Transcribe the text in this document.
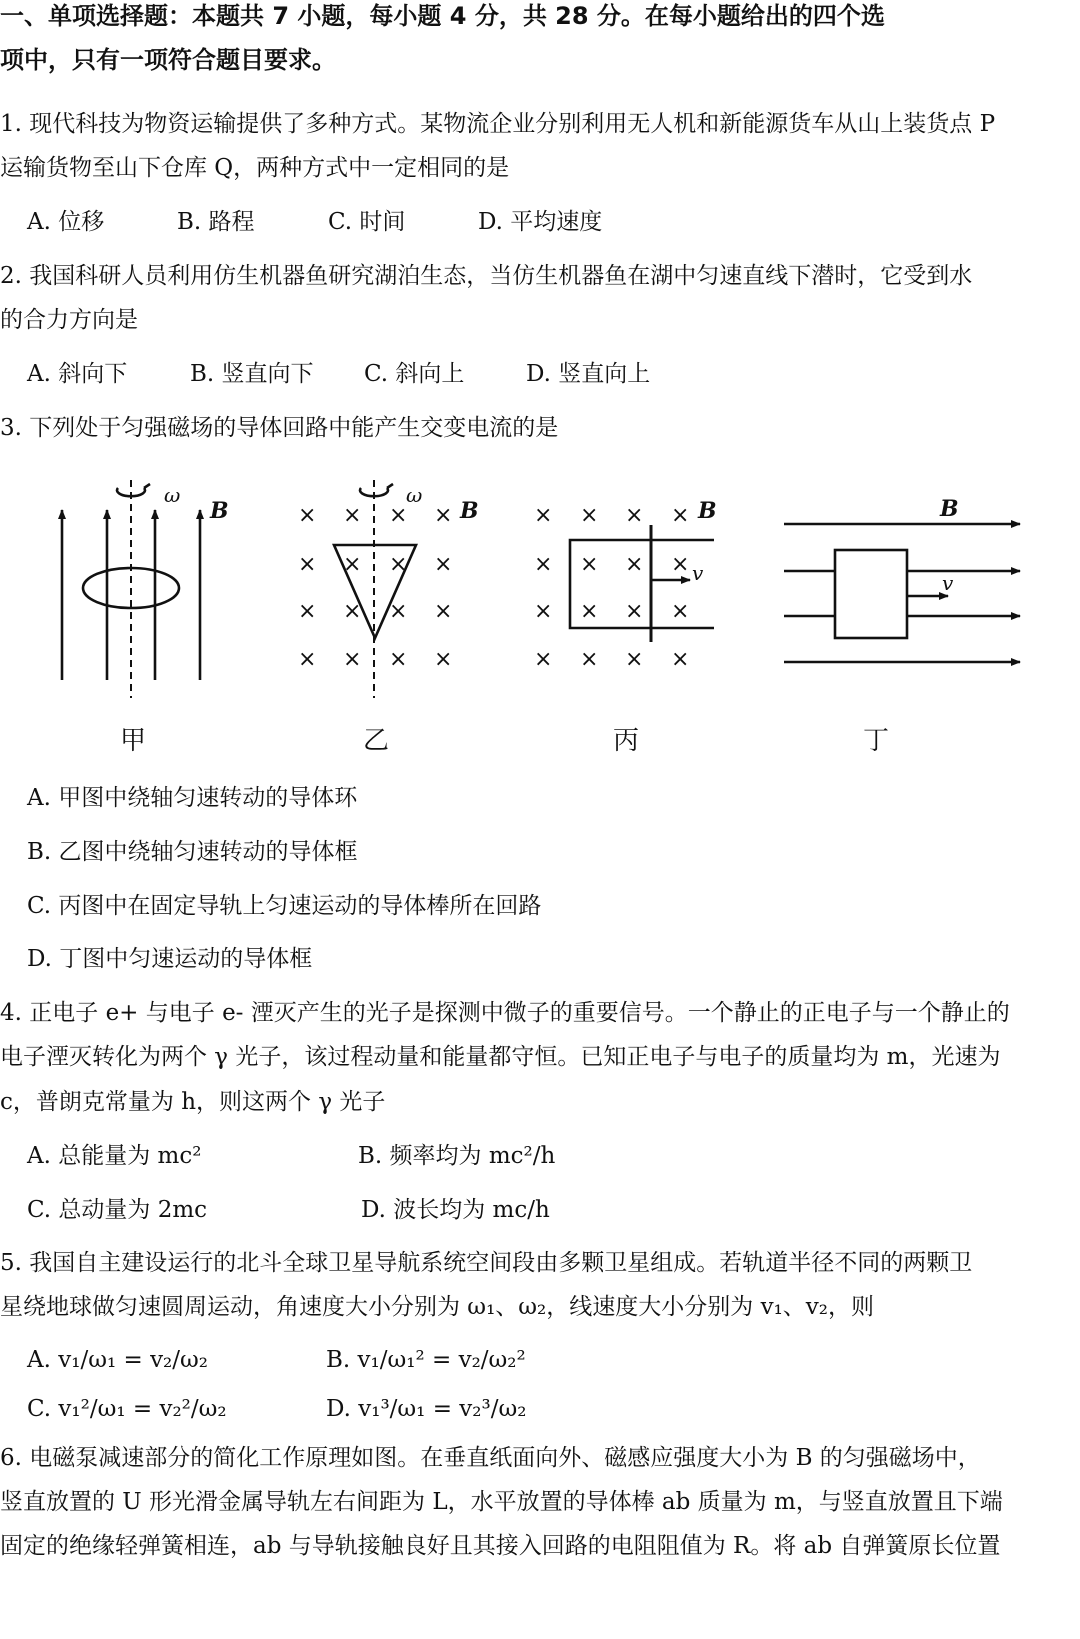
一、单项选择题：本题共 7 小题，每小题 4 分，共 28 分。在每小题给出的四个选
项中，只有一项符合题目要求。
1. 现代科技为物资运输提供了多种方式。某物流企业分别利用无人机和新能源货车从山上装货点 P
运输货物至山下仓库 Q，两种方式中一定相同的是
A. 位移	B. 路程	C. 时间	D. 平均速度
2. 我国科研人员利用仿生机器鱼研究湖泊生态，当仿生机器鱼在湖中匀速直线下潜时，它受到水
的合力方向是
A. 斜向下	B. 竖直向下 C. 斜向上	D. 竖直向上
3. 下列处于匀强磁场的导体回路中能产生交变电流的是
ω
B
ω
B
× × × ×
× × × ×
× × × ×
× × × ×
v
B
× × × ×
× × × ×
× × × ×
× × × ×
v
B
甲	乙	丙	丁
A. 甲图中绕轴匀速转动的导体环
B. 乙图中绕轴匀速转动的导体框
C. 丙图中在固定导轨上匀速运动的导体棒所在回路
D. 丁图中匀速运动的导体框
4. 正电子 e+ 与电子 e- 湮灭产生的光子是探测中微子的重要信号。一个静止的正电子与一个静止的
电子湮灭转化为两个 γ 光子，该过程动量和能量都守恒。已知正电子与电子的质量均为 m，光速为
c，普朗克常量为 h，则这两个 γ 光子
A. 总能量为 mc²	B. 频率均为 mc²/h
C. 总动量为 2mc	D. 波长均为 mc/h
5. 我国自主建设运行的北斗全球卫星导航系统空间段由多颗卫星组成。若轨道半径不同的两颗卫
星绕地球做匀速圆周运动，角速度大小分别为 ω₁、ω₂，线速度大小分别为 v₁、v₂，则
A. v₁/ω₁ = v₂/ω₂	B. v₁/ω₁² = v₂/ω₂²
C. v₁²/ω₁ = v₂²/ω₂	D. v₁³/ω₁ = v₂³/ω₂
6. 电磁泵减速部分的简化工作原理如图。在垂直纸面向外、磁感应强度大小为 B 的匀强磁场中，
竖直放置的 U 形光滑金属导轨左右间距为 L，水平放置的导体棒 ab 质量为 m，与竖直放置且下端
固定的绝缘轻弹簧相连，ab 与导轨接触良好且其接入回路的电阻阻值为 R。将 ab 自弹簧原长位置
